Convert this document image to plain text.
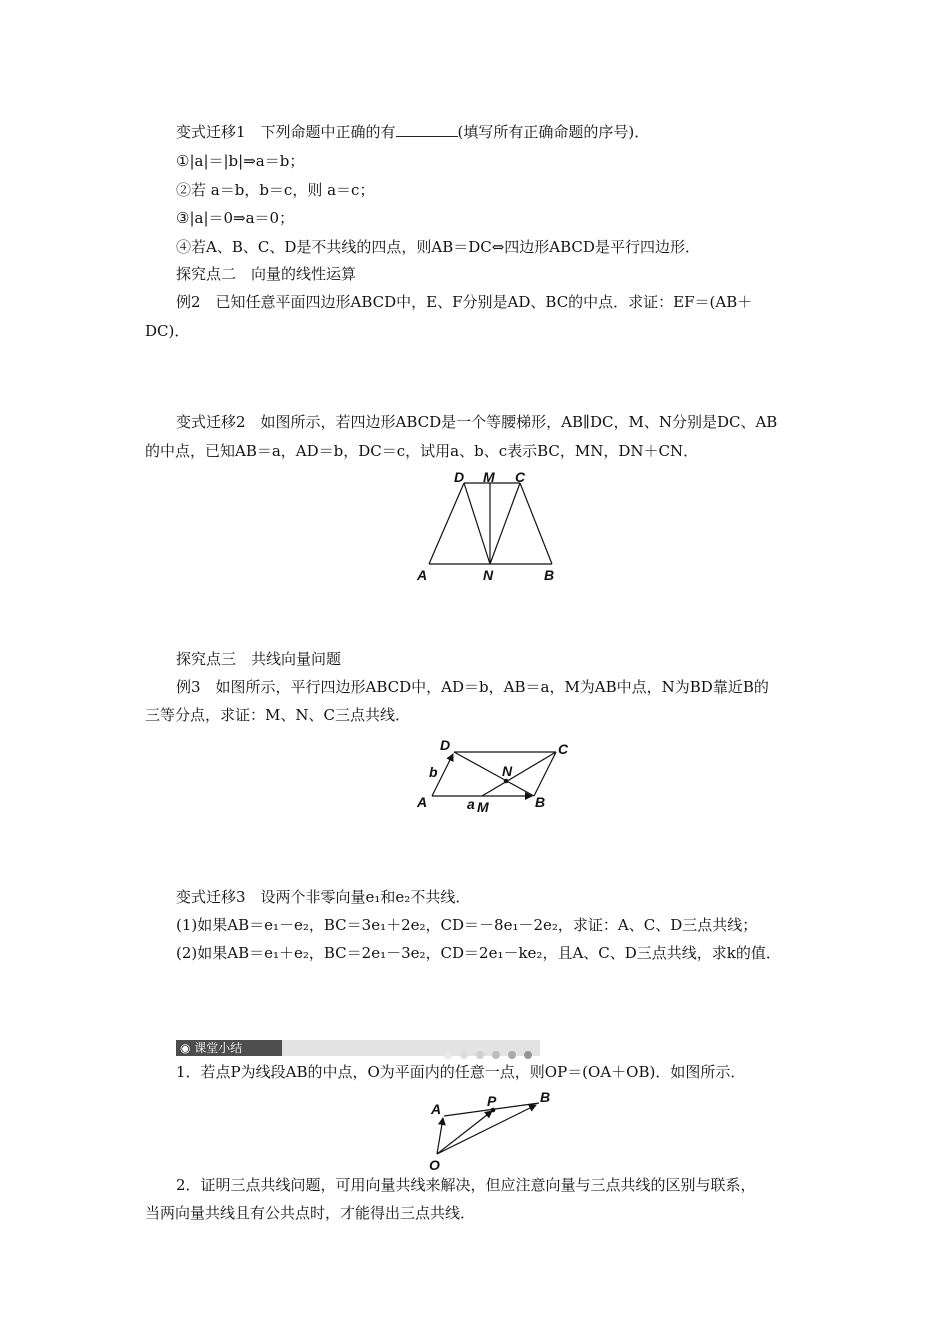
变式迁移1　下列命题中正确的有	(填写所有正确命题的序号)．
①|a|＝|b|⇒a＝b；
②若 a＝b，b＝c，则 a＝c；
③|a|＝0⇒a＝0；
④若A、B、C、D是不共线的四点，则AB＝DC⇔四边形ABCD是平行四边形．
探究点二　向量的线性运算
例2　已知任意平面四边形ABCD中，E、F分别是AD、BC的中点．求证：EF＝(AB＋
DC)．
变式迁移2　如图所示，若四边形ABCD是一个等腰梯形，AB∥DC，M、N分别是DC、AB
的中点，已知AB＝a，AD＝b，DC＝c，试用a、b、c表示BC，MN，DN＋CN．
D M C
A	N	B
探究点三　共线向量问题
例3　如图所示，平行四边形ABCD中，AD＝b，AB＝a，M为AB中点，N为BD靠近B的
三等分点，求证：M、N、C三点共线．
D	C
N
b
A	a M	B
变式迁移3　设两个非零向量e₁和e₂不共线．
(1)如果AB＝e₁－e₂，BC＝3e₁＋2e₂，CD＝－8e₁－2e₂，求证：A、C、D三点共线；
(2)如果AB＝e₁＋e₂，BC＝2e₁－3e₂，CD＝2e₁－ke₂，且A、C、D三点共线，求k的值．
◉ 课堂小结
1．若点P为线段AB的中点，O为平面内的任意一点，则OP＝(OA＋OB)．如图所示．
A	P	B
O
2．证明三点共线问题，可用向量共线来解决，但应注意向量与三点共线的区别与联系，
当两向量共线且有公共点时，才能得出三点共线．
